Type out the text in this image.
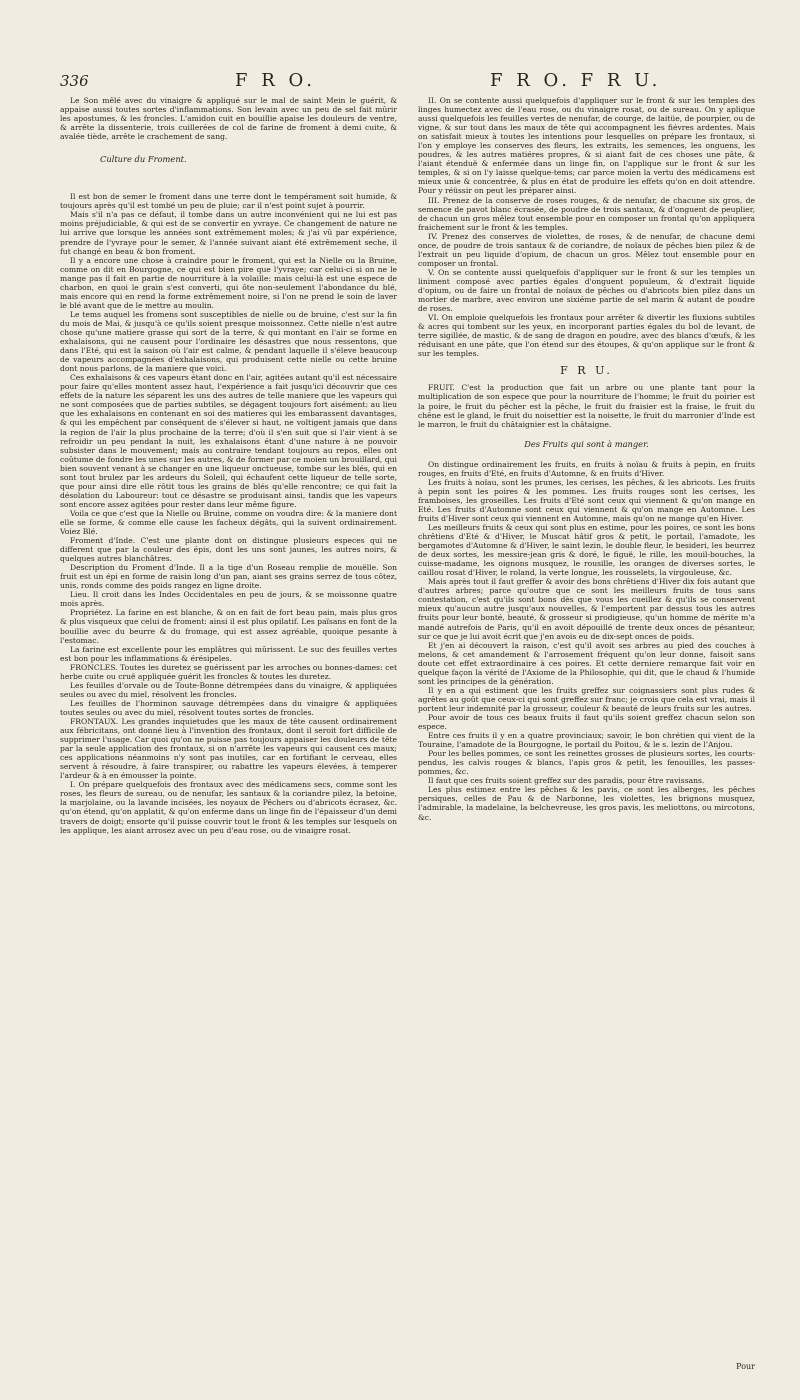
336	F R O.	F R O. F R U.

Le Son mêlé avec du vinaigre & appliqué sur le mal de saint Mein le guérit, & appaise aussi toutes sortes d'inflammations. Son levain avec un peu de sel fait mûrir les apostumes, & les froncles. L'amidon cuit en bouillie apaise les douleurs de ventre, & arrête la dissenterie, trois cuillerées de col de farine de froment à demi cuite, & avalée tiède, arrête le crachement de sang.

Culture du Froment.

Il est bon de semer le froment dans une terre dont le tempérament soit humide, & toujours après qu'il est tombé un peu de pluie; car il n'est point sujet à pourrir.

Mais s'il n'a pas ce défaut, il tombe dans un autre inconvénient qui ne lui est pas moins préjudiciable, & qui est de se convertir en yvraye. Ce changement de nature ne lui arrive que lorsque les années sont extrêmement moles; & j'ai vû par expérience, prendre de l'yvraye pour le semer, & l'année suivant aiant été extrêmement seche, il fut changé en beau & bon froment.

Il y a encore une chose à craindre pour le froment, qui est la Nielle ou la Bruine, comme on dit en Bourgogne, ce qui est bien pire que l'yvraye; car celui-ci si on ne le mange pas il fait en partie de nourriture à la volaille: mais celui-là est une espece de charbon, en quoi le grain s'est converti, qui ôte non-seulement l'abondance du blé, mais encore qui en rend la forme extrêmement noire, si l'on ne prend le soin de laver le blé avant que de le mettre au moulin.

Le tems auquel les fromens sont susceptibles de nielle ou de bruine, c'est sur la fin du mois de Mai, & jusqu'à ce qu'ils soient presque moissonnez. Cette nielle n'est autre chose qu'une matiere grasse qui sort de la terre, & qui montant en l'air se forme en exhalaisons, qui ne causent pour l'ordinaire les désastres que nous ressentons, que dans l'Eté, qui est la saison où l'air est calme, & pendant laquelle il s'éleve beaucoup de vapeurs accompagnées d'exhalaisons, qui produisent cette nielle ou cette bruine dont nous parlons, de la maniere que voici.

Ces exhalaisons & ces vapeurs étant donc en l'air, agitées autant qu'il est nécessaire pour faire qu'elles montent assez haut, l'expérience a fait jusqu'ici découvrir que ces effets de la nature les séparent les uns des autres de telle maniere que les vapeurs qui ne sont composées que de parties subtiles, se dégagent toujours fort aisément: au lieu que les exhalaisons en contenant en soi des matieres qui les embarassent davantages, & qui les empêchent par conséquent de s'élever si haut, ne voltigent jamais que dans la region de l'air la plus prochaine de la terre; d'où il s'en suit que si l'air vient à se refroidir un peu pendant la nuit, les exhalaisons étant d'une nature à ne pouvoir subsister dans le mouvement; mais au contraire tendant toujours au repos, elles ont coûtume de fondre les unes sur les autres, & de former par ce moien un brouillard, qui bien souvent venant à se changer en une liqueur onctueuse, tombe sur les blés, qui en sont tout brulez par les ardeurs du Soleil, qui échaufent cette liqueur de telle sorte, que pour ainsi dire elle rôtit tous les grains de blés qu'elle rencontre; ce qui fait la désolation du Laboureur: tout ce désastre se produisant ainsi, tandis que les vapeurs sont encore assez agitées pour rester dans leur même figure.

Voila ce que c'est que la Nielle ou Bruine, comme on voudra dire: & la maniere dont elle se forme, & comme elle cause les facheux dégâts, qui la suivent ordinairement. Voiez Blé.

Froment d'Inde. C'est une plante dont on distingue plusieurs especes qui ne different que par la couleur des épis, dont les uns sont jaunes, les autres noirs, & quelques autres blanchâtres.

Description du Froment d'Inde. Il a la tige d'un Roseau remplie de mouëlle. Son fruit est un épi en forme de raisin long d'un pan, aiant ses grains serrez de tous côtez, unis, ronds comme des poids rangez en ligne droite.

Lieu. Il croit dans les Indes Occidentales en peu de jours, & se moissonne quatre mois après.

Propriétez. La farine en est blanche, & on en fait de fort beau pain, mais plus gros & plus visqueux que celui de froment: ainsi il est plus opilatif. Les païsans en font de la bouillie avec du beurre & du fromage, qui est assez agréable, quoique pesante à l'estomac.

La farine est excellente pour les emplâtres qui mûrissent. Le suc des feuilles vertes est bon pour les inflammations & érésipeles.

FRONCLES. Toutes les duretez se guérissent par les arroches ou bonnes-dames: cet herbe cuite ou cruë appliquée guérit les froncles & toutes les duretez.

Les feuilles d'orvale ou de Toute-Bonne détrempées dans du vinaigre, & appliquées seules ou avec du miel, résolvent les froncles.

Les feuilles de l'horminon sauvage détrempées dans du vinaigre & appliquées toutes seules ou avec du miel, résolvent toutes sortes de froncles.

FRONTAUX. Les grandes inquietudes que les maux de tête causent ordinairement aux fébricitans, ont donné lieu à l'invention des frontaux, dont il seroit fort difficile de supprimer l'usage. Car quoi qu'on ne puisse pas toujours appaiser les douleurs de tête par la seule application des frontaux, si on n'arrête les vapeurs qui causent ces maux; ces applications néanmoins n'y sont pas inutiles, car en fortifiant le cerveau, elles servent à résoudre, à faire transpirer, ou rabattre les vapeurs élevées, à temperer l'ardeur & à en émousser la pointe.

I. On prépare quelquefois des frontaux avec des médicamens secs, comme sont les roses, les fleurs de sureau, ou de nenufar, les santaux & la coriandre pilez, la betoine, la marjolaine, ou la lavande incisées, les noyaux de Pêchers ou d'abricots écrasez, &c. qu'on étend, qu'on applatit, & qu'on enferme dans un linge fin de l'épaisseur d'un demi travers de doigt; ensorte qu'il puisse couvrir tout le front & les temples sur lesquels on les applique, les aiant arrosez avec un peu d'eau rose, ou de vinaigre rosat.

II. On se contente aussi quelquefois d'appliquer sur le front & sur les temples des linges humectez avec de l'eau rose, ou du vinaigre rosat, ou de sureau. On y aplique aussi quelquefois les feuilles vertes de nenufar, de courge, de laitüe, de pourpier, ou de vigne, & sur tout dans les maux de tête qui accompagnent les fiévres ardentes. Mais on satisfait mieux à toutes les intentions pour lesquelles on prépare les frontaux, si l'on y employe les conserves des fleurs, les extraits, les semences, les onguens, les poudres, & les autres matiéres propres, & si aiant fait de ces choses une pâte, & l'aiant étenduë & enfermée dans un linge fin, on l'applique sur le front & sur les temples, & si on l'y laisse quelque-tems; car parce moien la vertu des médicamens est mieux unie & concentrée, & plus en état de produire les effets qu'on en doit attendre. Pour y réüssir on peut les préparer ainsi.

III. Prenez de la conserve de roses rouges, & de nenufar, de chacune six gros, de semence de pavot blanc écrasée, de poudre de trois santaux, & d'onguent de peuplier, de chacun un gros mêlez tout ensemble pour en composer un frontal qu'on appliquera fraichement sur le front & les temples.

IV. Prenez des conserves de violettes, de roses, & de nenufar, de chacune demi once, de poudre de trois santaux & de coriandre, de noïaux de pêches bien pilez & de l'extrait un peu liquide d'opium, de chacun un gros. Mêlez tout ensemble pour en composer un frontal.

V. On se contente aussi quelquefois d'appliquer sur le front & sur les temples un liniment composé avec parties égales d'onguent populeum, & d'extrait liquide d'opium, ou de faire un frontal de noïaux de pêches ou d'abricots bien pilez dans un mortier de marbre, avec environ une sixiéme partie de sel marin & autant de poudre de roses.

VI. On emploie quelquefois les frontaux pour arrêter & divertir les fluxions subtiles & acres qui tombent sur les yeux, en incorporant parties égales du bol de levant, de terre sigillée, de mastic, & de sang de dragon en poudre, avec des blancs d'œufs, & les réduisant en une pâte, que l'on étend sur des étoupes, & qu'on applique sur le front & sur les temples.

F R U.

FRUIT. C'est la production que fait un arbre ou une plante tant pour la multiplication de son espece que pour la nourriture de l'homme; le fruit du poirier est la poire, le fruit du pêcher est la pêche, le fruit du fraisier est la fraise, le fruit du chêne est le gland, le fruit du noisettier est la noisette, le fruit du marronier d'Inde est le marron, le fruit du châtaignier est la châtaigne.

Des Fruits qui sont à manger.

On distingue ordinairement les fruits, en fruits à noïau & fruits à pepin, en fruits rouges, en fruits d'Eté, en fruits d'Automne, & en fruits d'Hiver.

Les fruits à noïau, sont les prunes, les cerises, les pêches, & les abricots. Les fruits à pepin sont les poires & les pommes. Les fruits rouges sont les cerises, les framboises, les groseilles. Les fruits d'Eté sont ceux qui viennent & qu'on mange en Eté. Les fruits d'Automne sont ceux qui viennent & qu'on mange en Automne. Les fruits d'Hiver sont ceux qui viennent en Automne, mais qu'on ne mange qu'en Hiver.

Les meilleurs fruits & ceux qui sont plus en estime, pour les poires, ce sont les bons chrêtiens d'Eté & d'Hiver, le Muscat hâtif gros & petit, le portail, l'amadote, les bergamotes d'Automne & d'Hiver, le saint lezin, le double fleur, le besideri, les beurrez de deux sortes, les messire-jean gris & doré, le figuë, le rille, les mouil-bouches, la cuisse-madame, les oignons musquez, le rousille, les oranges de diverses sortes, le caillou rosat d'Hiver, le roland, la verte longue, les rousselets, la virgouleuse, &c.

Mais après tout il faut greffer & avoir des bons chrêtiens d'Hiver dix fois autant que d'autres arbres; parce qu'outre que ce sont les meilleurs fruits de tous sans contestation, c'est qu'ils sont bons dès que vous les cueillez & qu'ils se conservent mieux qu'aucun autre jusqu'aux nouvelles, & l'emportent par dessus tous les autres fruits pour leur bonté, beauté, & grosseur si prodigieuse, qu'un homme de mérite m'a mandé autrefois de Paris, qu'il en avoit dépouillé de trente deux onces de pésanteur, sur ce que je lui avoit écrit que j'en avois eu de dix-sept onces de poids.

Et j'en ai découvert la raison, c'est qu'il avoit ses arbres au pied des couches à melons, & cet amandement & l'arrosement fréquent qu'on leur donne, faisoit sans doute cet effet extraordinaire à ces poires. Et cette derniere remarque fait voir en quelque façon la vérité de l'Axiome de la Philosophie, qui dit, que le chaud & l'humide sont les principes de la génération.

Il y en a qui estiment que les fruits greffez sur coignassiers sont plus rudes & agrêtes au goût que ceux-ci qui sont greffez sur franc; je crois que cela est vrai, mais il portent leur indemnité par la grosseur, couleur & beauté de leurs fruits sur les autres.

Pour avoir de tous ces beaux fruits il faut qu'ils soient greffez chacun selon son espece.

Entre ces fruits il y en a quatre provinciaux; savoir, le bon chrétien qui vient de la Touraine, l'amadote de la Bourgogne, le portail du Poitou, & le s. lezin de l'Anjou.

Pour les belles pommes, ce sont les reinettes grosses de plusieurs sortes, les courts-pendus, les calvis rouges & blancs, l'apis gros & petit, les fenouilles, les passes-pommes, &c.

Il faut que ces fruits soient greffez sur des paradis, pour être ravissans.

Les plus estimez entre les pêches & les pavis, ce sont les alberges, les pêches persiques, celles de Pau & de Narbonne, les violettes, les brignons musquez, l'admirable, la madelaine, la belchevreuse, les gros pavis, les meliottons, ou mircotons, &c.

Pour
